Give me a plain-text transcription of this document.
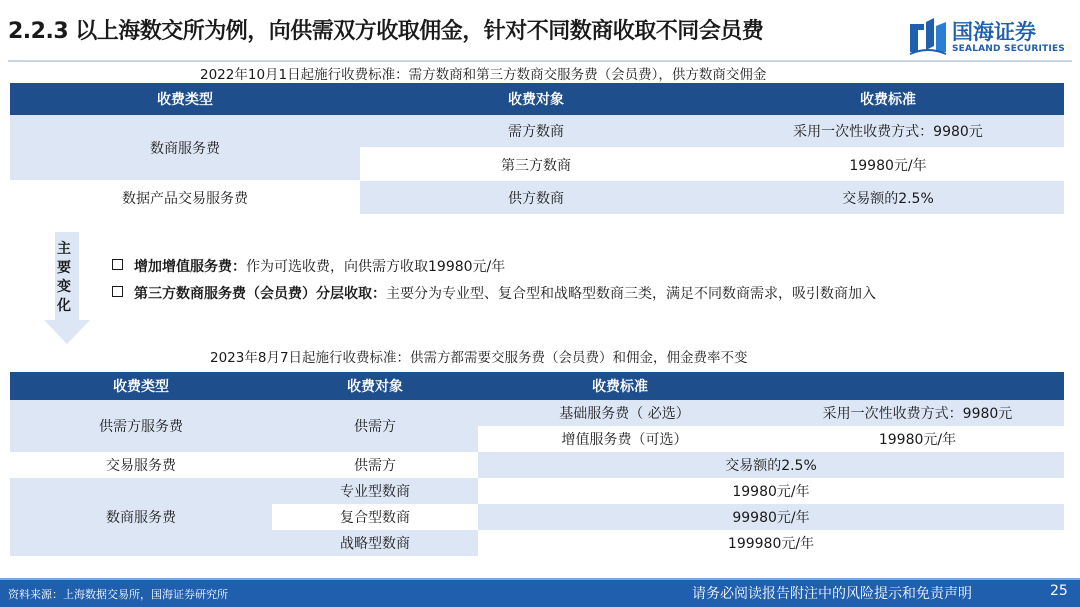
2.2.3 以上海数交所为例，向供需双方收取佣金，针对不同数商收取不同会员费	国海证券
SEALAND SECURITIES
2022年10月1日起施行收费标准：需方数商和第三方数商交服务费（会员费），供方数商交佣金
收费类型	收费对象	收费标准
数商服务费	需方数商	采用一次性收费方式：9980元
	第三方数商	19980元/年
数据产品交易服务费	供方数商	交易额的2.5%
主
要
变
化
增加增值服务费：作为可选收费，向供需方收取19980元/年
第三方数商服务费（会员费）分层收取：主要分为专业型、复合型和战略型数商三类，满足不同数商需求，吸引数商加入
2023年8月7日起施行收费标准：供需方都需要交服务费（会员费）和佣金，佣金费率不变
收费类型	收费对象	收费标准	
供需方服务费	供需方	基础服务费（ 必选）	采用一次性收费方式：9980元
		增值服务费（可选）	19980元/年
交易服务费	供需方	交易额的2.5%	
数商服务费	专业型数商	19980元/年	
	复合型数商	99980元/年	
	战略型数商	199980元/年	
资料来源：上海数据交易所，国海证券研究所	请务必阅读报告附注中的风险提示和免责声明	25
